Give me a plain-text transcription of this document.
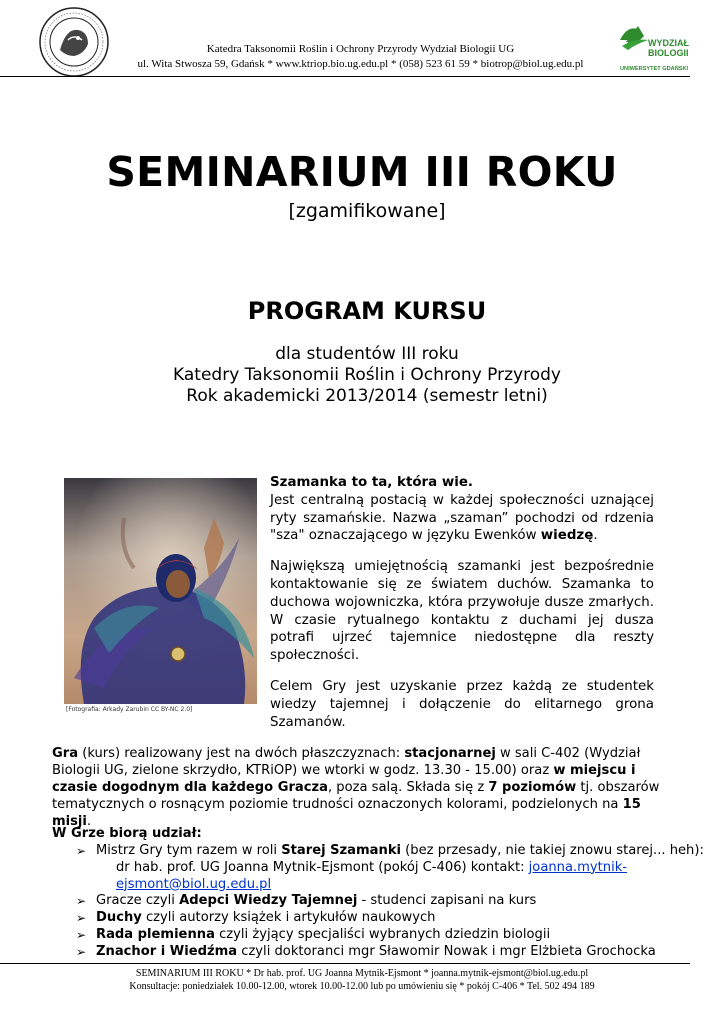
Katedra Taksonomii Roślin i Ochrony Przyrody Wydział Biologii UG
ul. Wita Stwosza 59, Gdańsk * www.ktriop.bio.ug.edu.pl * (058) 523 61 59 * biotrop@biol.ug.edu.pl
WYDZIAŁ
BIOLOGII
UNIWERSYTET GDAŃSKI
SEMINARIUM III ROKU
[zgamifikowane]
PROGRAM KURSU
dla studentów III roku
Katedry Taksonomii Roślin i Ochrony Przyrody
Rok akademicki 2013/2014 (semestr letni)
[Fotografia: Arkady Zarubin CC BY-NC 2.0]

Szamanka to ta, która wie.

Jest centralną postacią w każdej społeczności uznającej ryty szamańskie. Nazwa „szaman” pochodzi od rdzenia "sza" oznaczającego w języku Ewenków wiedzę.

Największą umiejętnością szamanki jest bezpośrednie kontaktowanie się ze światem duchów. Szamanka to duchowa wojowniczka, która przywołuje dusze zmarłych. W czasie rytualnego kontaktu z duchami jej dusza potrafi ujrzeć tajemnice niedostępne dla reszty społeczności.

Celem Gry jest uzyskanie przez każdą ze studentek wiedzy tajemnej i dołączenie do elitarnego grona Szamanów.

Gra (kurs) realizowany jest na dwóch płaszczyznach: stacjonarnej w sali C-402 (Wydział Biologii UG, zielone skrzydło, KTRiOP) we wtorki w godz. 13.30 - 15.00) oraz w miejscu i czasie dogodnym dla każdego Gracza, poza salą. Składa się z 7 poziomów tj. obszarów tematycznych o rosnącym poziomie trudności oznaczonych kolorami, podzielonych na 15 misji.

W Grze biorą udział:
➢ Mistrz Gry tym razem w roli Starej Szamanki (bez przesady, nie takiej znowu starej... heh):
dr hab. prof. UG Joanna Mytnik-Ejsmont (pokój C-406) kontakt: joanna.mytnik-ejsmont@biol.ug.edu.pl
➢ Gracze czyli Adepci Wiedzy Tajemnej - studenci zapisani na kurs
➢ Duchy czyli autorzy książek i artykułów naukowych
➢ Rada plemienna czyli żyjący specjaliści wybranych dziedzin biologii
➢ Znachor i Wiedźma czyli doktoranci mgr Sławomir Nowak i mgr Elżbieta Grochocka
SEMINARIUM III ROKU * Dr hab. prof. UG Joanna Mytnik-Ejsmont * joanna.mytnik-ejsmont@biol.ug.edu.pl
Konsultacje: poniedziałek 10.00-12.00, wtorek 10.00-12.00 lub po umówieniu się * pokój C-406 * Tel. 502 494 189
